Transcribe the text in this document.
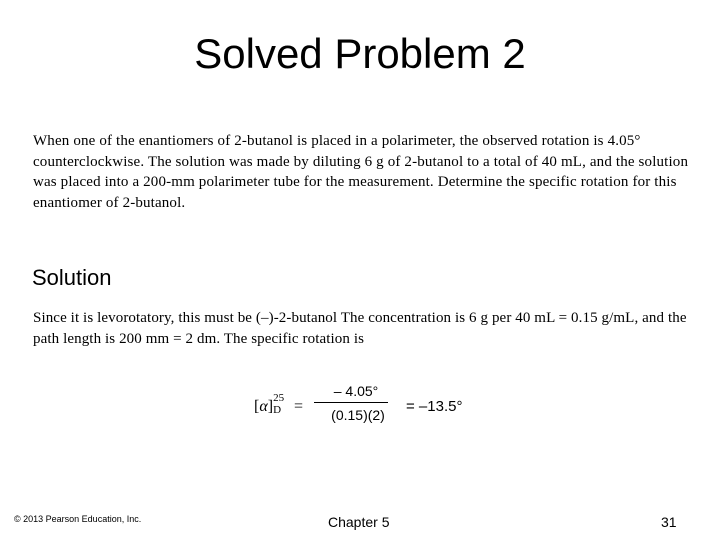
Solved Problem 2
When one of the enantiomers of 2-butanol is placed in a polarimeter, the observed rotation is 4.05° counterclockwise. The solution was made by diluting 6 g of 2-butanol to a total of 40 mL, and the solution was placed into a 200-mm polarimeter tube for the measurement. Determine the specific rotation for this enantiomer of 2-butanol.
Solution
Since it is levorotatory, this must be (–)-2-butanol The concentration is 6 g per 40 mL = 0.15 g/mL, and the path length is 200 mm = 2 dm. The specific rotation is
[α] 25
D =
– 4.05°
(0.15)(2) = –13.5°
© 2013 Pearson Education, Inc.	Chapter 5	31
